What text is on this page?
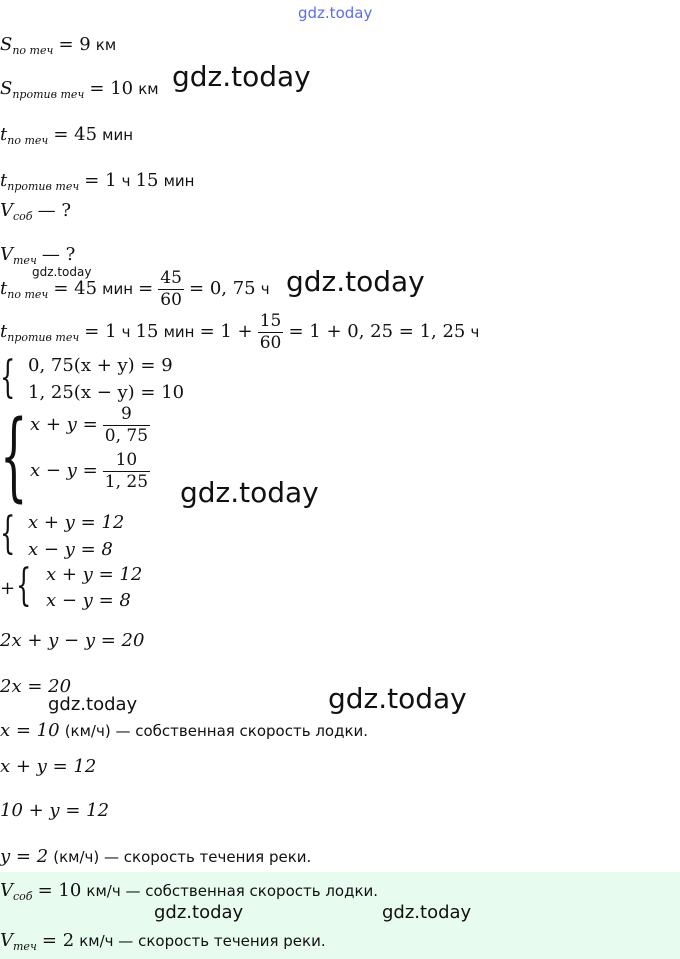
gdz.today
$S_{по теч} = 9$ км
$S_{против теч} = 10$ км gdz.today
$t_{по теч} = 45$ мин
$t_{против теч} = 1$ ч 15 мин
$V_{соб}$ — ?
$V_{теч}$ — ?
gdz.today
$t_{по теч} = 45$ мин = $\frac{45}{60} = 0$, 75 ч gdz.today
$t_{против теч} = 1$ ч 15 мин = $1 + \frac{15}{60} = 1 + 0$, 25 = 1, 25 ч
{ 0, 75(x + y) = 9
1, 25(x − y) = 10
{ $x + y = \frac{9}{0, 75}$
$x - y = \frac{10}{1, 25}$
gdz.today
{ x + y = 12
x − y = 8
+ { x + y = 12
x − y = 8
2x + y − y = 20
2x = 20
gdz.today	gdz.today
x = 10 (км/ч) — собственная скорость лодки.
x + y = 12
10 + y = 12
y = 2 (км/ч) — скорость течения реки.
$V_{соб} = 10$ км/ч — собственная скорость лодки.
gdz.today	gdz.today
$V_{теч} = 2$ км/ч — скорость течения реки.
